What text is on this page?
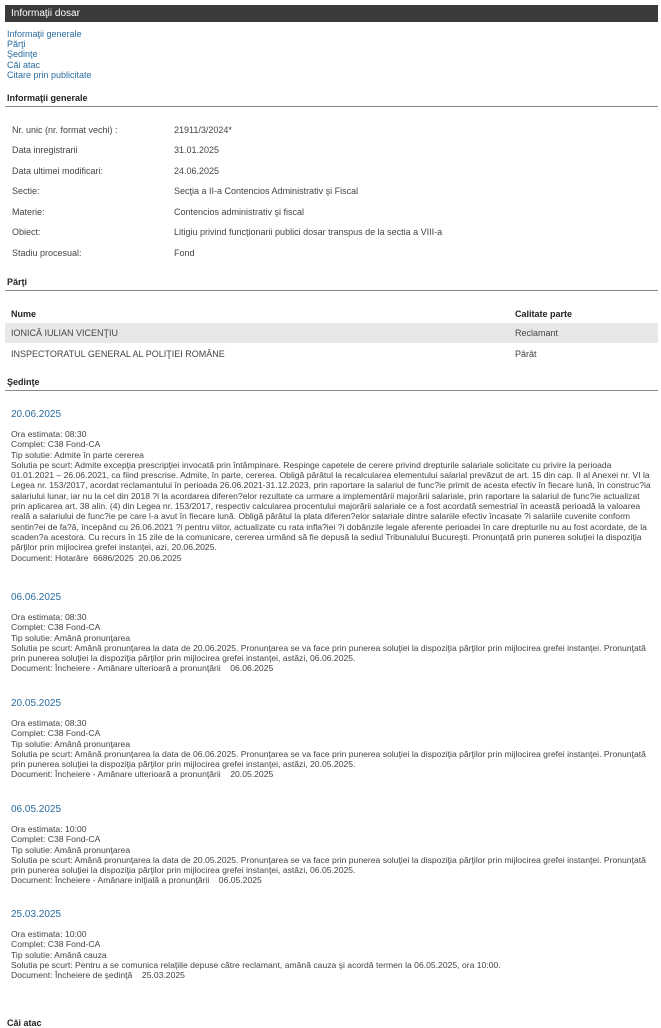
Informaţii dosar
Informaţii generale
Părţi
Şedinţe
Căi atac
Citare prin publicitate
Informaţii generale
Nr. unic (nr. format vechi) :	21911/3/2024*
Data inregistrarii	31.01.2025
Data ultimei modificari:	24.06.2025
Sectie:	Secţia a II-a Contencios Administrativ şi Fiscal
Materie:	Contencios administrativ şi fiscal
Obiect:	Litigiu privind funcţionarii publici dosar transpus de la sectia a VIII-a
Stadiu procesual:	Fond
Părţi
Nume	Calitate parte
IONICĂ IULIAN VICENŢIU	Reclamant
INSPECTORATUL GENERAL AL POLIŢIEI ROMÂNE	Pârât
Şedinţe
20.06.2025
Ora estimata: 08:30
Complet: C38 Fond-CA
Tip solutie: Admite în parte cererea
Solutia pe scurt: Admite excepţia prescripţiei invocată prin întâmpinare. Respinge capetele de cerere privind drepturile salariale solicitate cu privire la perioada 01.01.2021 – 26.06.2021, ca fiind prescrise. Admite, în parte, cererea. Obligă pârâtul la recalcularea elementului salarial prevăzut de art. 15 din cap. II al Anexei nr. VI la Legea nr. 153/2017, acordat reclamantului în perioada 26.06.2021-31.12.2023, prin raportare la salariul de func?ie primit de acesta efectiv în fiecare lună, în construc?ia salariului lunar, iar nu la cel din 2018 ?i la acordarea diferen?elor rezultate ca urmare a implementării majorării salariale, prin raportare la salariul de func?ie actualizat prin aplicarea art. 38 alin. (4) din Legea nr. 153/2017, respectiv calcularea procentului majorării salariale ce a fost acordată semestrial în această perioadă la valoarea reală a salariului de func?ie pe care l-a avut în fiecare lună. Obligă pârâtul la plata diferen?elor salariale dintre salariile efectiv încasate ?i salariile cuvenite conform sentin?ei de fa?ă, începând cu 26.06.2021 ?i pentru viitor, actualizate cu rata infla?iei ?i dobânzile legale aferente perioadei în care drepturile nu au fost acordate, de la scaden?a acestora. Cu recurs în 15 zile de la comunicare, cererea urmând să fie depusă la sediul Tribunalului Bucureşti. Pronunţată prin punerea soluţiei la dispoziţia părţilor prin mijlocirea grefei instanţei, azi, 20.06.2025.
Document: Hotarâre  6686/2025  20.06.2025
06.06.2025
Ora estimata: 08:30
Complet: C38 Fond-CA
Tip solutie: Amână pronunţarea
Solutia pe scurt: Amână pronunţarea la data de 20.06.2025. Pronunţarea se va face prin punerea soluţiei la dispoziţia părţilor prin mijlocirea grefei instanţei. Pronunţată prin punerea soluţiei la dispoziţia părţilor prin mijlocirea grefei instanţei, astăzi, 06.06.2025.
Document: Încheiere - Amânare ulterioară a pronunţării    06.06.2025
20.05.2025
Ora estimata: 08:30
Complet: C38 Fond-CA
Tip solutie: Amână pronunţarea
Solutia pe scurt: Amână pronunţarea la data de 06.06.2025. Pronunţarea se va face prin punerea soluţiei la dispoziţia părţilor prin mijlocirea grefei instanţei. Pronunţată prin punerea soluţiei la dispoziţia părţilor prin mijlocirea grefei instanţei, astăzi, 20.05.2025.
Document: Încheiere - Amânare ulterioară a pronunţării    20.05.2025
06.05.2025
Ora estimata: 10:00
Complet: C38 Fond-CA
Tip solutie: Amână pronunţarea
Solutia pe scurt: Amână pronunţarea la data de 20.05.2025. Pronunţarea se va face prin punerea soluţiei la dispoziţia părţilor prin mijlocirea grefei instanţei. Pronunţată prin punerea soluţiei la dispoziţia părţilor prin mijlocirea grefei instanţei, astăzi, 06.05.2025.
Document: Încheiere - Amânare iniţială a pronunţării    06.05.2025
25.03.2025
Ora estimata: 10:00
Complet: C38 Fond-CA
Tip solutie: Amână cauza
Solutia pe scurt: Pentru a se comunica relaţiile depuse către reclamant, amână cauza şi acordă termen la 06.05.2025, ora 10:00.
Document: Încheiere de şedinţă    25.03.2025
Căi atac
